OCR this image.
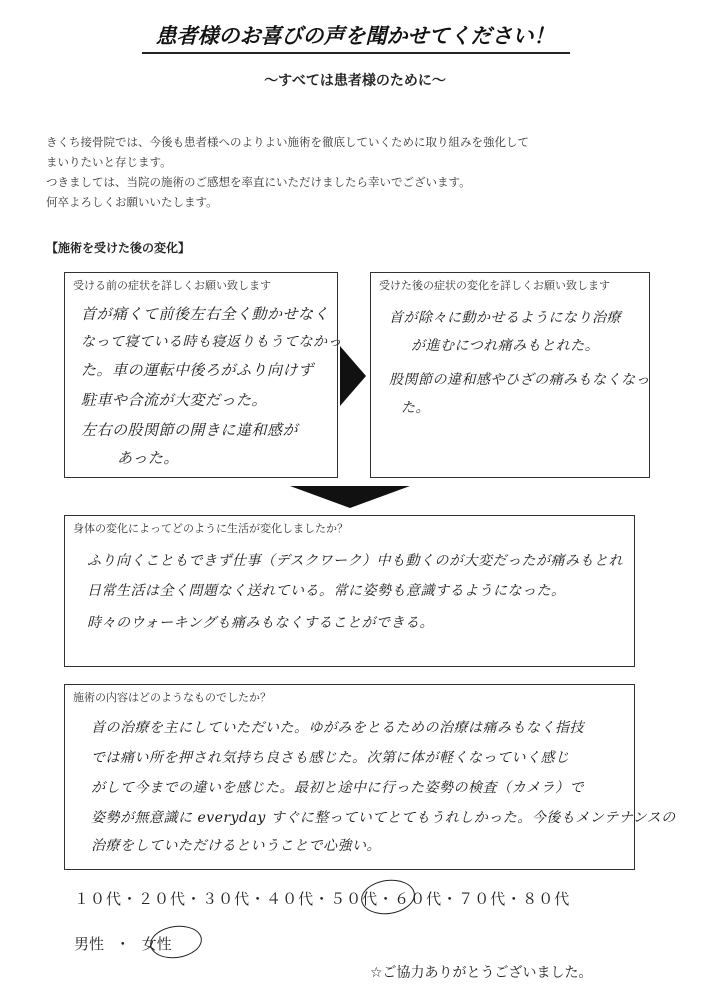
患者様のお喜びの声を聞かせてください！
～すべては患者様のために～

きくち接骨院では、今後も患者様へのよりよい施術を徹底していくために取り組みを強化して

まいりたいと存じます。

つきましては、当院の施術のご感想を率直にいただけましたら幸いでございます。

何卒よろしくお願いいたします。

【施術を受けた後の変化】
受ける前の症状を詳しくお願い致します
首が痛くて前後左右全く動かせなく
なって寝ている時も寝返りもうてなかっ
た。車の運転中後ろがふり向けず
駐車や合流が大変だった。
左右の股関節の開きに違和感が
あった。
受けた後の症状の変化を詳しくお願い致します
首が除々に動かせるようになり治療
が進むにつれ痛みもとれた。
股関節の違和感やひざの痛みもなくなっ
た。
身体の変化によってどのように生活が変化しましたか？
ふり向くこともできず仕事（デスクワーク）中も動くのが大変だったが痛みもとれ
日常生活は全く問題なく送れている。常に姿勢も意識するようになった。
時々のウォーキングも痛みもなくすることができる。
施術の内容はどのようなものでしたか？
首の治療を主にしていただいた。ゆがみをとるための治療は痛みもなく指技
では痛い所を押され気持ち良さも感じた。次第に体が軽くなっていく感じ
がして今までの違いを感じた。最初と途中に行った姿勢の検査（カメラ）で
姿勢が無意識に everyday すぐに整っていてとてもうれしかった。今後もメンテナンスの
治療をしていただけるということで心強い。
１０代・２０代・３０代・４０代・５０代・６０代・７０代・８０代
男性 ・ 女性
☆ご協力ありがとうございました。
